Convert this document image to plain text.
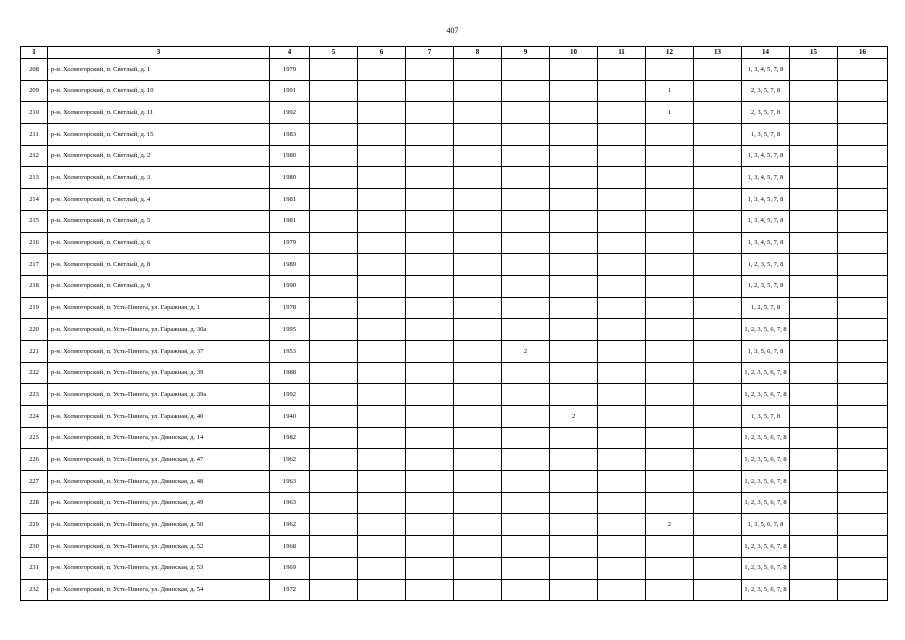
407
1	3	4	5	6	7	8	9	10	11	12	13	14	15	16
208	р-н. Холмогорский, п. Светлый, д. 1	1979										1, 3, 4, 5, 7, 8		
209	р-н. Холмогорский, п. Светлый, д. 10	1991								1		2, 3, 5, 7, 8		
210	р-н. Холмогорский, п. Светлый, д. 11	1992								1		2, 3, 5, 7, 8		
211	р-н. Холмогорский, п. Светлый, д. 15	1983										1, 3, 5, 7, 8		
212	р-н. Холмогорский, п. Светлый, д. 2	1980										1, 3, 4, 5, 7, 8		
213	р-н. Холмогорский, п. Светлый, д. 3	1980										1, 3, 4, 5, 7, 8		
214	р-н. Холмогорский, п. Светлый, д. 4	1981										1, 3, 4, 5, 7, 8		
215	р-н. Холмогорский, п. Светлый, д. 5	1981										1, 3, 4, 5, 7, 8		
216	р-н. Холмогорский, п. Светлый, д. 6	1979										1, 3, 4, 5, 7, 8		
217	р-н. Холмогорский, п. Светлый, д. 8	1989										1, 2, 3, 5, 7, 8		
218	р-н. Холмогорский, п. Светлый, д. 9	1990										1, 2, 3, 5, 7, 8		
219	р-н. Холмогорский, п. Усть-Пинега, ул. Гаражная, д. 1	1978										1, 2, 5, 7, 8		
220	р-н. Холмогорский, п. Усть-Пинега, ул. Гаражная, д. 30а	1995										1, 2, 3, 5, 6, 7, 8		
221	р-н. Холмогорский, п. Усть-Пинега, ул. Гаражная, д. 37	1953					2					1, 3, 5, 6, 7, 8		
222	р-н. Холмогорский, п. Усть-Пинега, ул. Гаражная, д. 39	1988										1, 2, 3, 5, 6, 7, 8		
223	р-н. Холмогорский, п. Усть-Пинега, ул. Гаражная, д. 39а	1992										1, 2, 3, 5, 6, 7, 8		
224	р-н. Холмогорский, п. Усть-Пинега, ул. Гаражная, д. 40	1940						2				1, 3, 5, 7, 8		
225	р-н. Холмогорский, п. Усть-Пинега, ул. Двинская, д. 14	1982										1, 2, 3, 5, 6, 7, 8		
226	р-н. Холмогорский, п. Усть-Пинега, ул. Двинская, д. 47	1962										1, 2, 3, 5, 6, 7, 8		
227	р-н. Холмогорский, п. Усть-Пинега, ул. Двинская, д. 48	1963										1, 2, 3, 5, 6, 7, 8		
228	р-н. Холмогорский, п. Усть-Пинега, ул. Двинская, д. 49	1963										1, 2, 3, 5, 6, 7, 8		
229	р-н. Холмогорский, п. Усть-Пинега, ул. Двинская, д. 50	1962								2		1, 3, 5, 6, 7, 8		
230	р-н. Холмогорский, п. Усть-Пинега, ул. Двинская, д. 52	1968										1, 2, 3, 5, 6, 7, 8		
231	р-н. Холмогорский, п. Усть-Пинега, ул. Двинская, д. 53	1969										1, 2, 3, 5, 6, 7, 8		
232	р-н. Холмогорский, п. Усть-Пинега, ул. Двинская, д. 54	1972										1, 2, 3, 5, 6, 7, 8		
